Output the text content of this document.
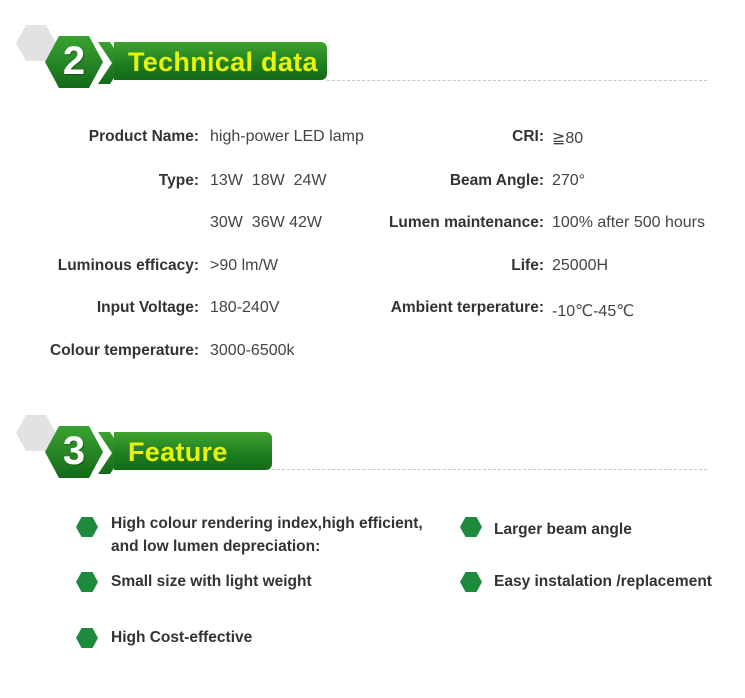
2	Technical data
Product Name: high-power LED lamp
Type: 13W  18W  24W
30W  36W 42W
Luminous efficacy: >90 lm/W
Input Voltage: 180-240V
Colour temperature: 3000-6500k
CRI: ≧80
Beam Angle: 270°
Lumen maintenance: 100% after 500 hours
Life: 25000H
Ambient terperature: -10℃-45℃
3	Feature
High colour rendering index,high efficient,
and low lumen depreciation:
Larger beam angle
Small size with light weight	Easy instalation /replacement
High Cost-effective
